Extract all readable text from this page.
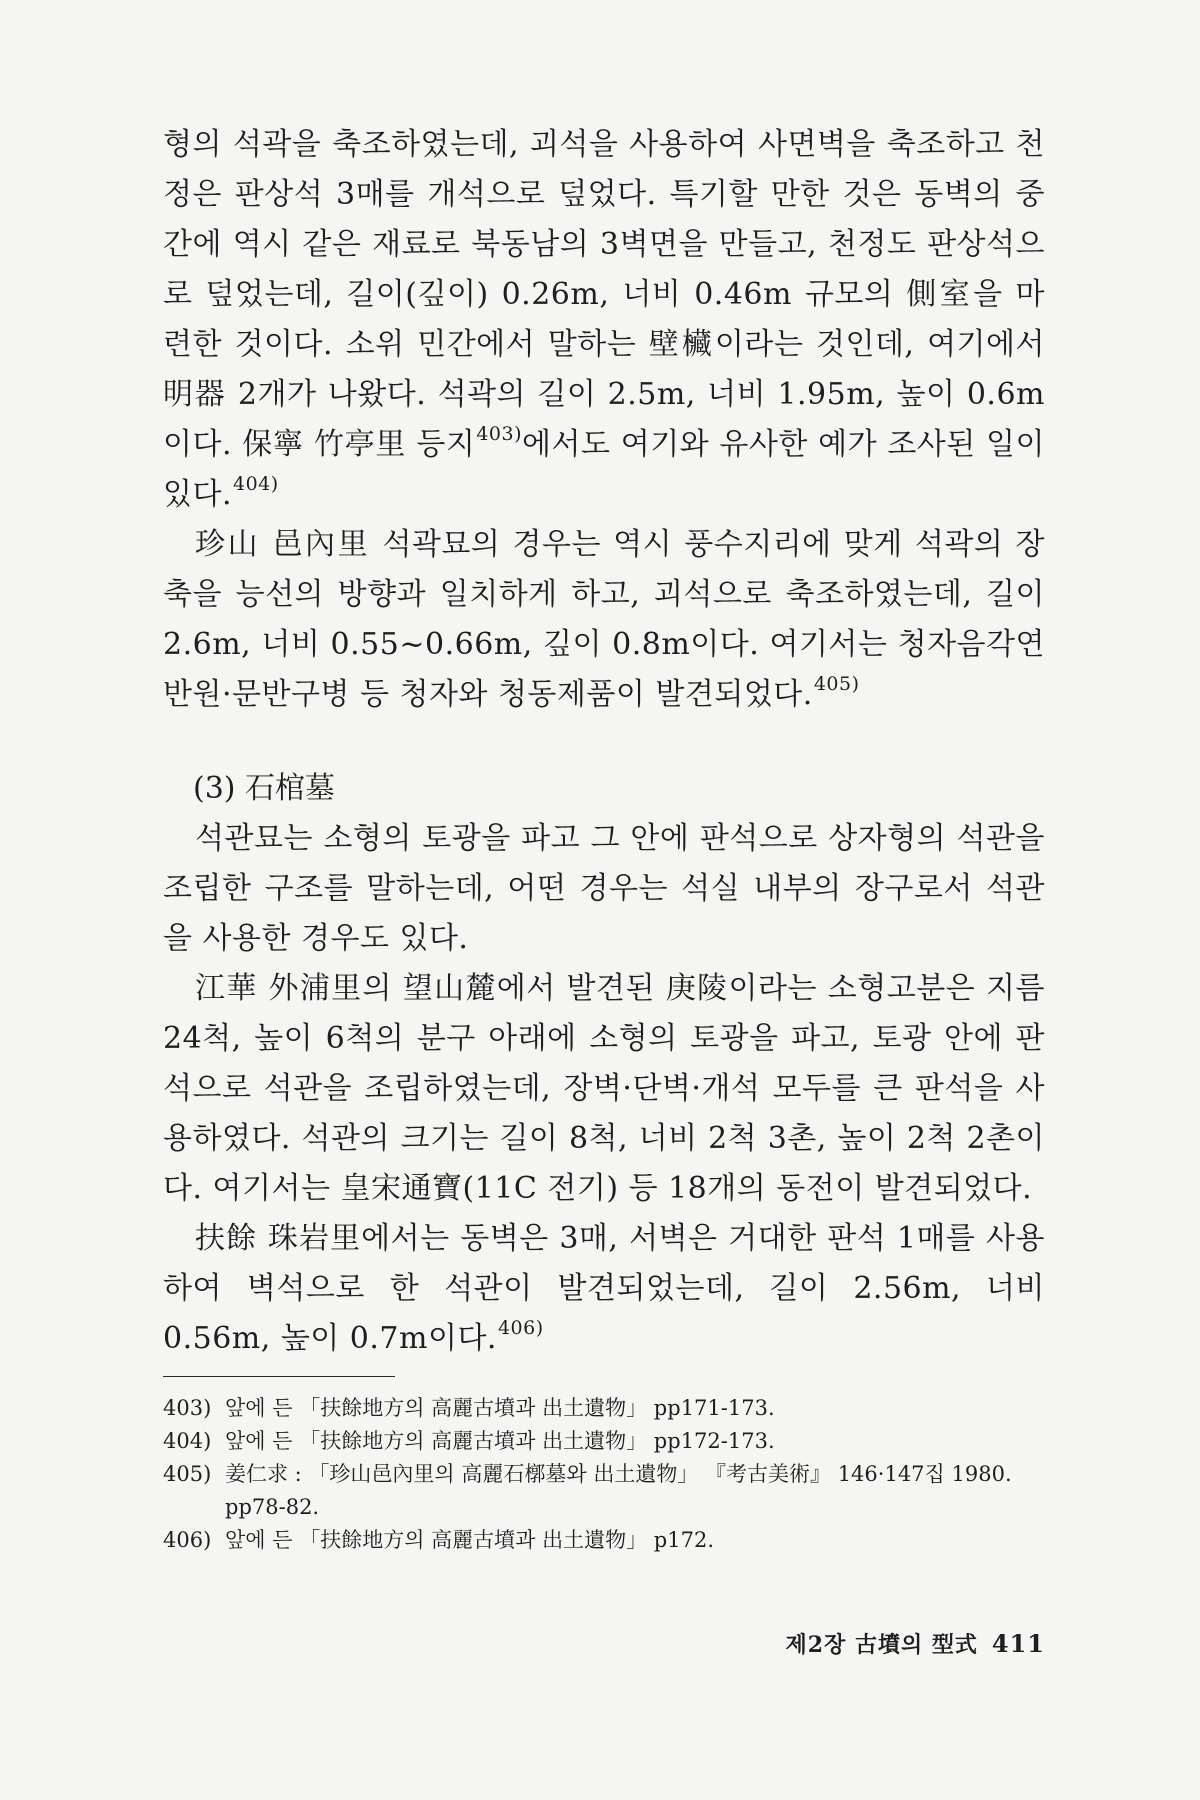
형의 석곽을 축조하였는데, 괴석을 사용하여 사면벽을 축조하고 천정은 판상석 3매를 개석으로 덮었다. 특기할 만한 것은 동벽의 중간에 역시 같은 재료로 북동남의 3벽면을 만들고, 천정도 판상석으로 덮었는데, 길이(깊이) 0.26m, 너비 0.46m 규모의 側室을 마련한 것이다. 소위 민간에서 말하는 壁欌이라는 것인데, 여기에서 明器 2개가 나왔다. 석곽의 길이 2.5m, 너비 1.95m, 높이 0.6m이다. 保寧 竹亭里 등지$^{403)}$에서도 여기와 유사한 예가 조사된 일이 있다.$^{404)}$

珍山 邑內里 석곽묘의 경우는 역시 풍수지리에 맞게 석곽의 장축을 능선의 방향과 일치하게 하고, 괴석으로 축조하였는데, 길이 2.6m, 너비 0.55~0.66m, 깊이 0.8m이다. 여기서는 청자음각연반원·문반구병 등 청자와 청동제품이 발견되었다.$^{405)}$

(3) 石棺墓

석관묘는 소형의 토광을 파고 그 안에 판석으로 상자형의 석관을 조립한 구조를 말하는데, 어떤 경우는 석실 내부의 장구로서 석관을 사용한 경우도 있다.

江華 外浦里의 望山麓에서 발견된 庚陵이라는 소형고분은 지름 24척, 높이 6척의 분구 아래에 소형의 토광을 파고, 토광 안에 판석으로 석관을 조립하였는데, 장벽·단벽·개석 모두를 큰 판석을 사용하였다. 석관의 크기는 길이 8척, 너비 2척 3촌, 높이 2척 2촌이다. 여기서는 皇宋通寶(11C 전기) 등 18개의 동전이 발견되었다.

扶餘 珠岩里에서는 동벽은 3매, 서벽은 거대한 판석 1매를 사용하여 벽석으로 한 석관이 발견되었는데, 길이 2.56m, 너비 0.56m, 높이 0.7m이다.$^{406)}$

403) 앞에 든 「扶餘地方의 高麗古墳과 出土遺物」 pp171-173.

404) 앞에 든 「扶餘地方의 高麗古墳과 出土遺物」 pp172-173.

405) 姜仁求 : 「珍山邑內里의 高麗石槨墓와 出土遺物」 『考古美術』 146·147집 1980. pp78-82.

406) 앞에 든 「扶餘地方의 高麗古墳과 出土遺物」 p172.

제2장 古墳의 型式 411
